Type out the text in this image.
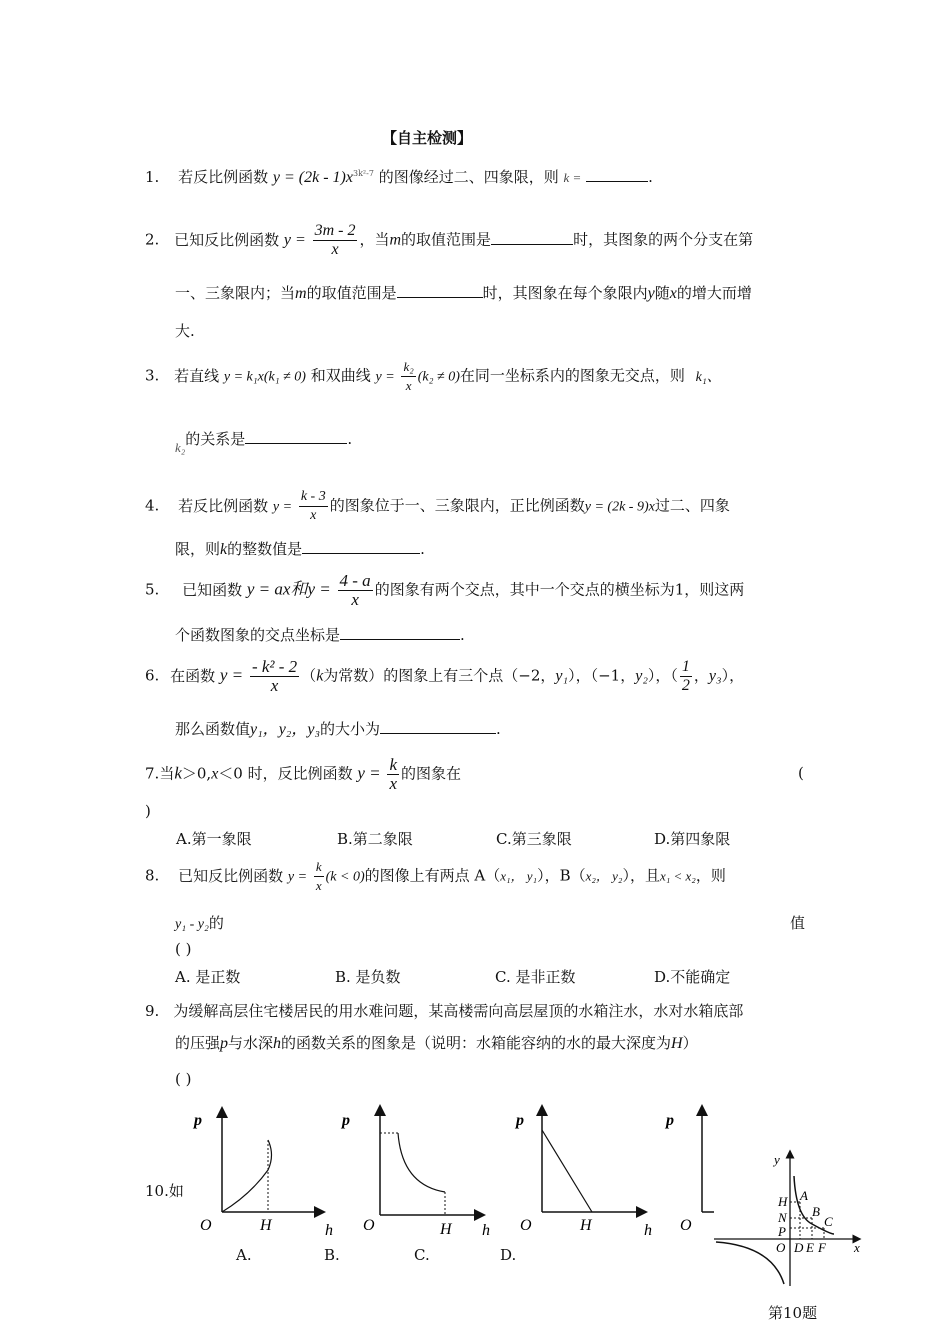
【自主检测】
1. 若反比例函数 $y = (2k - 1)x^{3k^2-7}$ 的图像经过二、四象限，则 k =	.
2. 已知反比例函数 $y = \frac{3m - 2}{x}$ ，当m的取值范围是	时，其图象的两个分支在第
一、三象限内；当m的取值范围是	时，其图象在每个象限内y随x的增大而增
大.
3. 若直线 y = k₁x(k₁ ≠ 0) 和双曲线 $y = \frac{\text{k₂}}{x} (k_2 \ne 0)$在同一坐标系内的图象无交点，则 k₁、
k₂的关系是	.
4. 若反比例函数 $y = \frac{k - 3}{x}$ 的图象位于一、三象限内，正比例函数y = (2k - 9)x过二、四象
限，则k的整数值是	.
5. 已知函数 y = ax和$y = \frac{4 - a}{x}$ 的图象有两个交点，其中一个交点的横坐标为1，则这两
个函数图象的交点坐标是	.
6. 在函数 $y = \frac{\text{- k² - 2}}{x} (k$为常数）的图象上有三个点（−2，y₁），（−1，y₂），（ $\frac{1}{2}$ ，y₃），
那么函数值y₁，y₂，y₃的大小为	.
7.当k＞0,x＜0 时，反比例函数 $y = \frac{k}{x}$ 的图象在	(
)
A.第一象限	B.第二象限	C.第三象限	D.第四象限
8. 已知反比例函数 $y = \frac{k}{x} (k < 0)$的图像上有两点 A（x₁， y₁），B（x₂， y₂），且x₁ < x₂，则
y₁ - y₂的	值
( )
A. 是正数	B. 是负数	C. 是非正数	D.不能确定
9. 为缓解高层住宅楼居民的用水难问题，某高楼需向高层屋顶的水箱注水，水对水箱底部
的压强p与水深h的函数关系的图象是（说明：水箱能容纳的水的最大深度为H）
( )
p
O	H	h
p
O	H h
p
O	H	h
p
O
10.如
A.	B.	C.	D.
y
x
O
H
N
P
A
B
C
D E F
第10题
